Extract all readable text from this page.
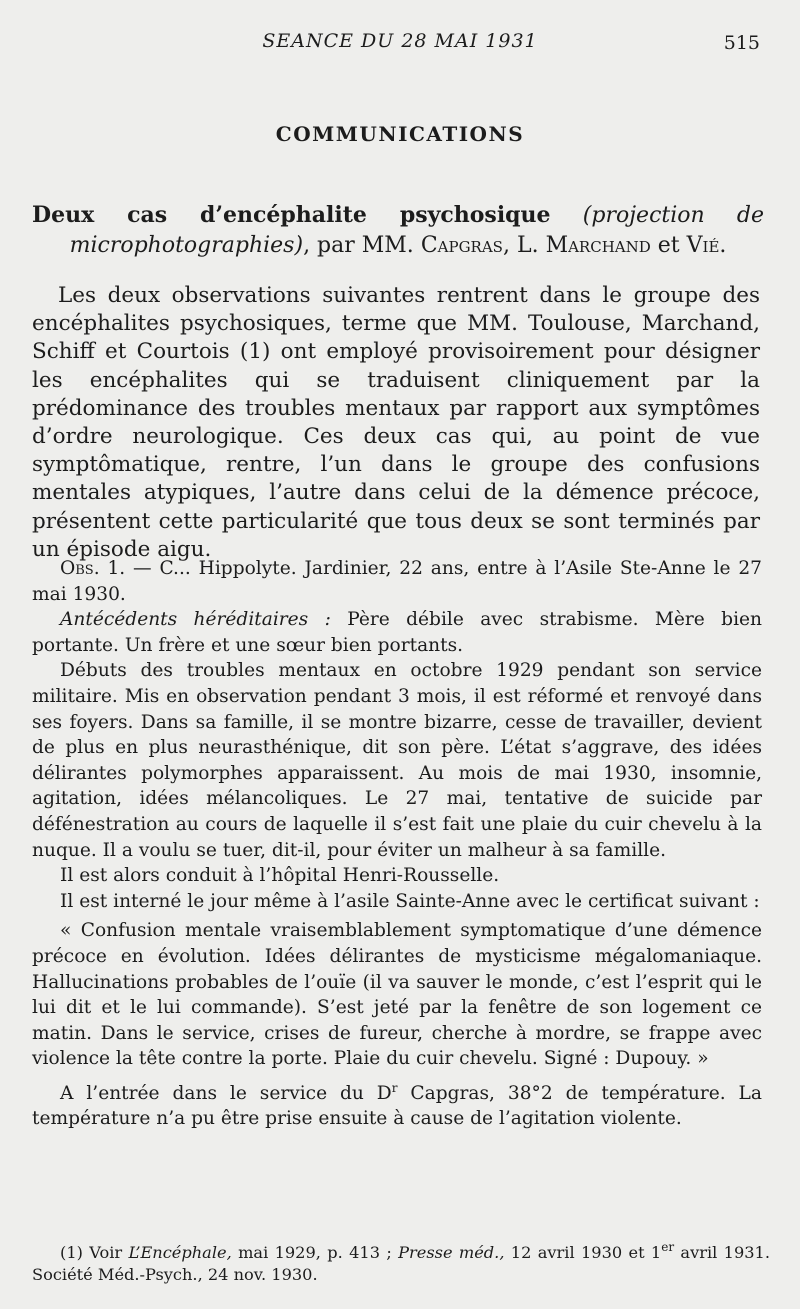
SEANCE DU 28 MAI 1931	515
COMMUNICATIONS
Deux cas d’encéphalite psychosique (projection de microphotographies), par MM. Capgras, L. Marchand et Vié.

Les deux observations suivantes rentrent dans le groupe des encéphalites psychosiques, terme que MM. Toulouse, Marchand, Schiff et Courtois (1) ont employé provisoirement pour désigner les encéphalites qui se traduisent cliniquement par la prédominance des troubles mentaux par rapport aux symptômes d’ordre neurologique. Ces deux cas qui, au point de vue symptômatique, rentre, l’un dans le groupe des confusions mentales atypiques, l’autre dans celui de la démence précoce, présentent cette particularité que tous deux se sont terminés par un épisode aigu.

Obs. 1. — C... Hippolyte. Jardinier, 22 ans, entre à l’Asile Ste-Anne le 27 mai 1930.

Antécédents héréditaires : Père débile avec strabisme. Mère bien portante. Un frère et une sœur bien portants.

Débuts des troubles mentaux en octobre 1929 pendant son service militaire. Mis en observation pendant 3 mois, il est réformé et renvoyé dans ses foyers. Dans sa famille, il se montre bizarre, cesse de travailler, devient de plus en plus neurasthénique, dit son père. L’état s’aggrave, des idées délirantes polymorphes apparaissent. Au mois de mai 1930, insomnie, agitation, idées mélancoliques. Le 27 mai, tentative de suicide par défénestration au cours de laquelle il s’est fait une plaie du cuir chevelu à la nuque. Il a voulu se tuer, dit-il, pour éviter un malheur à sa famille.

Il est alors conduit à l’hôpital Henri-Rousselle.

Il est interné le jour même à l’asile Sainte-Anne avec le certificat suivant :

« Confusion mentale vraisemblablement symptomatique d’une démence précoce en évolution. Idées délirantes de mysticisme mégalomaniaque. Hallucinations probables de l’ouïe (il va sauver le monde, c’est l’esprit qui le lui dit et le lui commande). S’est jeté par la fenêtre de son logement ce matin. Dans le service, crises de fureur, cherche à mordre, se frappe avec violence la tête contre la porte. Plaie du cuir chevelu. Signé : Dupouy. »

A l’entrée dans le service du $D^r$ Capgras, 38°2 de température. La température n’a pu être prise ensuite à cause de l’agitation violente.

(1) Voir L’Encéphale, mai 1929, p. 413 ; Presse méd., 12 avril 1930 et 1er avril 1931. Société Méd.-Psych., 24 nov. 1930.
